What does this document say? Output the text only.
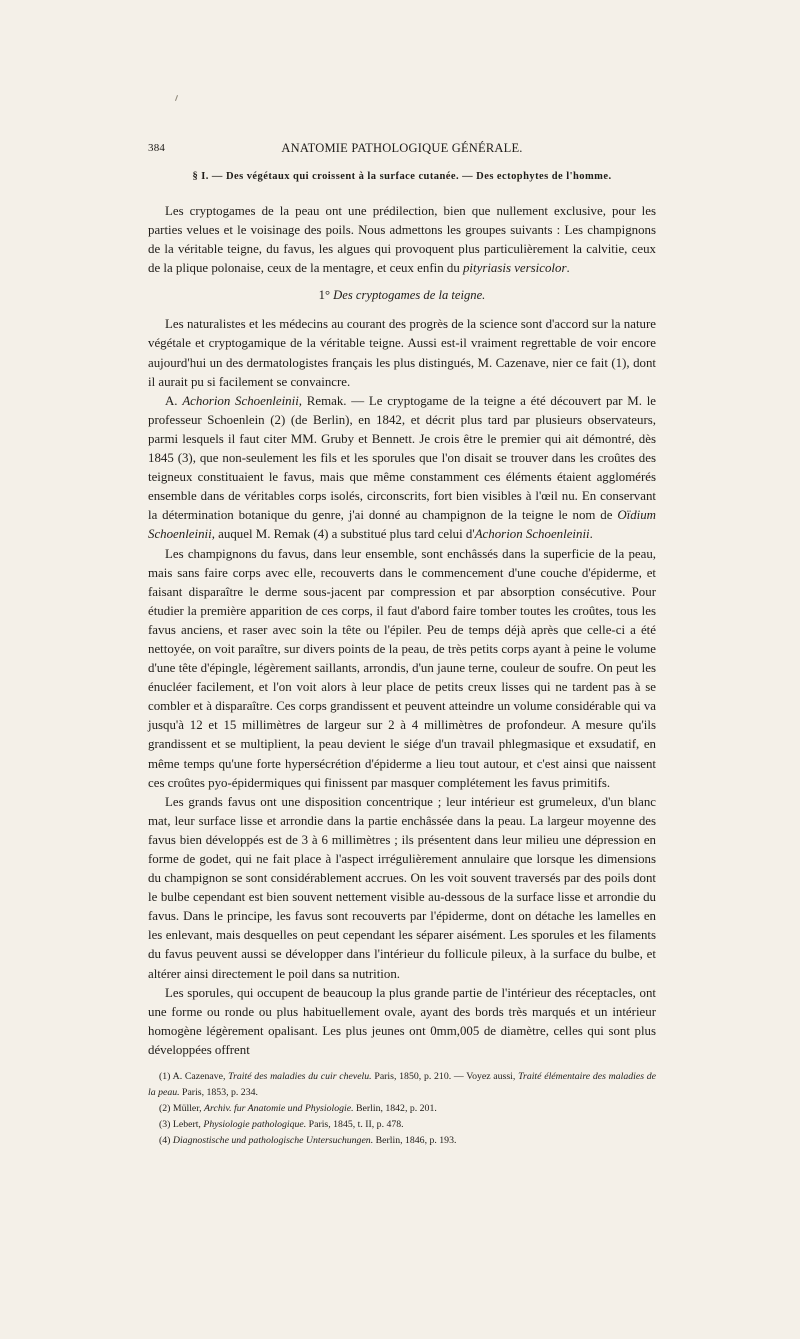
384	ANATOMIE PATHOLOGIQUE GÉNÉRALE.
§ I. — Des végétaux qui croissent à la surface cutanée. — Des ectophytes de l'homme.

Les cryptogames de la peau ont une prédilection, bien que nullement exclusive, pour les parties velues et le voisinage des poils. Nous admettons les groupes suivants : Les champignons de la véritable teigne, du favus, les algues qui provoquent plus particulièrement la calvitie, ceux de la plique polonaise, ceux de la mentagre, et ceux enfin du pityriasis versicolor.

1° Des cryptogames de la teigne.

Les naturalistes et les médecins au courant des progrès de la science sont d'accord sur la nature végétale et cryptogamique de la véritable teigne. Aussi est-il vraiment regrettable de voir encore aujourd'hui un des dermatologistes français les plus distingués, M. Cazenave, nier ce fait (1), dont il aurait pu si facilement se convaincre.

A. Achorion Schoenleinii, Remak. — Le cryptogame de la teigne a été découvert par M. le professeur Schoenlein (2) (de Berlin), en 1842, et décrit plus tard par plusieurs observateurs, parmi lesquels il faut citer MM. Gruby et Bennett. Je crois être le premier qui ait démontré, dès 1845 (3), que non-seulement les fils et les sporules que l'on disait se trouver dans les croûtes des teigneux constituaient le favus, mais que même constamment ces éléments étaient agglomérés ensemble dans de véritables corps isolés, circonscrits, fort bien visibles à l'œil nu. En conservant la détermination botanique du genre, j'ai donné au champignon de la teigne le nom de Oïdium Schoenleinii, auquel M. Remak (4) a substitué plus tard celui d'Achorion Schoenleinii.

Les champignons du favus, dans leur ensemble, sont enchâssés dans la superficie de la peau, mais sans faire corps avec elle, recouverts dans le commencement d'une couche d'épiderme, et faisant disparaître le derme sous-jacent par compression et par absorption consécutive. Pour étudier la première apparition de ces corps, il faut d'abord faire tomber toutes les croûtes, tous les favus anciens, et raser avec soin la tête ou l'épiler. Peu de temps déjà après que celle-ci a été nettoyée, on voit paraître, sur divers points de la peau, de très petits corps ayant à peine le volume d'une tête d'épingle, légèrement saillants, arrondis, d'un jaune terne, couleur de soufre. On peut les énucléer facilement, et l'on voit alors à leur place de petits creux lisses qui ne tardent pas à se combler et à disparaître. Ces corps grandissent et peuvent atteindre un volume considérable qui va jusqu'à 12 et 15 millimètres de largeur sur 2 à 4 millimètres de profondeur. A mesure qu'ils grandissent et se multiplient, la peau devient le siége d'un travail phlegmasique et exsudatif, en même temps qu'une forte hypersécrétion d'épiderme a lieu tout autour, et c'est ainsi que naissent ces croûtes pyo-épidermiques qui finissent par masquer complétement les favus primitifs.

Les grands favus ont une disposition concentrique ; leur intérieur est grumeleux, d'un blanc mat, leur surface lisse et arrondie dans la partie enchâssée dans la peau. La largeur moyenne des favus bien développés est de 3 à 6 millimètres ; ils présentent dans leur milieu une dépression en forme de godet, qui ne fait place à l'aspect irrégulièrement annulaire que lorsque les dimensions du champignon se sont considérablement accrues. On les voit souvent traversés par des poils dont le bulbe cependant est bien souvent nettement visible au-dessous de la surface lisse et arrondie du favus. Dans le principe, les favus sont recouverts par l'épiderme, dont on détache les lamelles en les enlevant, mais desquelles on peut cependant les séparer aisément. Les sporules et les filaments du favus peuvent aussi se développer dans l'intérieur du follicule pileux, à la surface du bulbe, et altérer ainsi directement le poil dans sa nutrition.

Les sporules, qui occupent de beaucoup la plus grande partie de l'intérieur des réceptacles, ont une forme ou ronde ou plus habituellement ovale, ayant des bords très marqués et un intérieur homogène légèrement opalisant. Les plus jeunes ont 0mm,005 de diamètre, celles qui sont plus développées offrent

(1) A. Cazenave, Traité des maladies du cuir chevelu. Paris, 1850, p. 210. — Voyez aussi, Traité élémentaire des maladies de la peau. Paris, 1853, p. 234.

(2) Müller, Archiv. fur Anatomie und Physiologie. Berlin, 1842, p. 201.

(3) Lebert, Physiologie pathologique. Paris, 1845, t. II, p. 478.

(4) Diagnostische und pathologische Untersuchungen. Berlin, 1846, p. 193.
